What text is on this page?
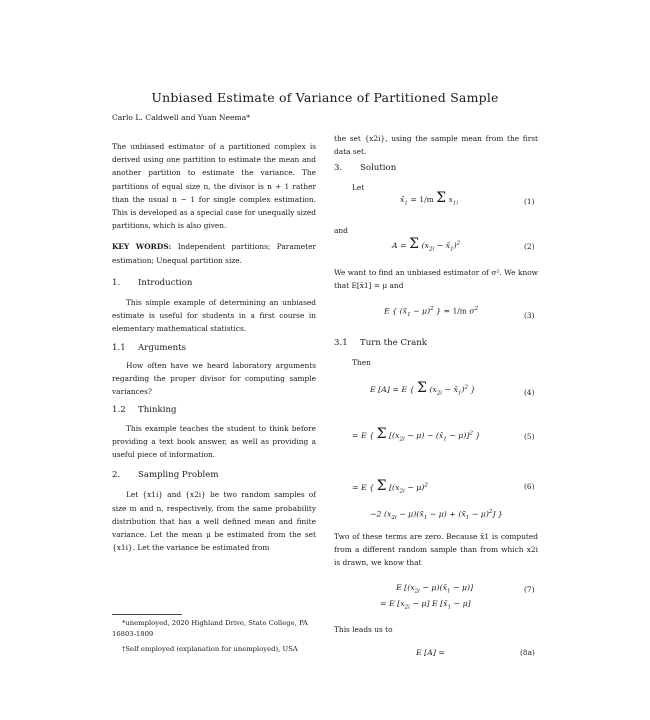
Unbiased Estimate of Variance of Partitioned Sample
Carlo L. Caldwell and Yuan Neema*

The unbiased estimator of a partitioned complex is derived using one partition to estimate the mean and another partition to estimate the variance. The partitions of equal size n, the divisor is n + 1 rather than the usual n − 1 for single complex estimation. This is developed as a special case for unequally sized partitions, which is also given.

KEY WORDS: Independent partitions; Parameter estimation; Unequal partition size.

1. Introduction

This simple example of determining an unbiased estimate is useful for students in a first course in elementary mathematical statistics.

1.1 Arguments

How often have we heard laboratory arguments regarding the proper divisor for computing sample variances?

1.2 Thinking

This example teaches the student to think before providing a text book answer, as well as providing a useful piece of information.

2. Sampling Problem

Let {x1i} and {x2i} be two random samples of size m and n, respectively, from the same probability distribution that has a well defined mean and finite variance. Let the mean μ be estimated from the set {x1i}. Let the variance be estimated from

*unemployed, 2020 Highland Drive, State College, PA 16803-1809

†Self employed (explanation for unemployed), USA

the set {x2i}, using the sample mean from the first data set.
3. Solution
Let
$x̄_1 = 1/m$ Σ $x_{1i}$	(1)
and
A = Σ ($x_{2i}$ − $x̄_1)^2$	(2)
We want to find an unbiased estimator of σ². We know that E[x̄1] = μ and
E { $(x̄_1 - \mu)^2$ } = 1/m $\sigma^2$
(3)
3.1 Turn the Crank
Then
E [A] = E { Σ ($x_{2i}$ − $x̄_1)^2$ }	(4)
= E { Σ [$(x_{2i} - \mu)$ − $(x̄_1 - \mu)]^2$ }	(5)
= E { Σ [$(x_{2i} - \mu)^2$	(6)
−2 ($x_{2i}$ − $\mu)(x̄_1 - \mu)$ + $(x̄_1 - \mu)^2$] }
Two of these terms are zero. Because x̄1 is computed from a different random sample than from which x2i is drawn, we know that
E [($x_{2i}$ − $\mu)(x̄_1 - \mu)$]	(7)
= E $[x_{2i} - \mu]$ E $[x̄_1 - \mu]$
This leads us to
E [A] =	(8a)
